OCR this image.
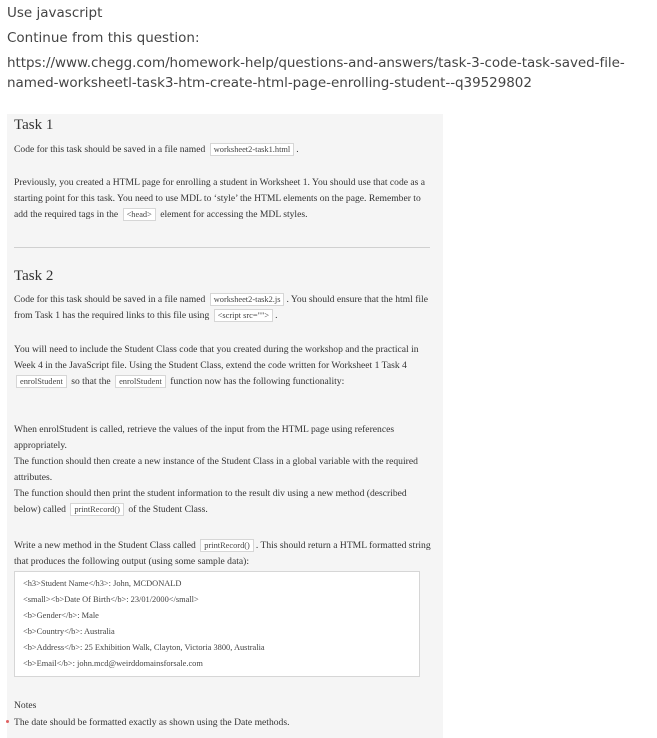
Use javascript

Continue from this question:

https://www.chegg.com/homework-help/questions-and-answers/task-3-code-task-saved-file-named-worksheetl-task3-htm-create-html-page-enrolling-student--q39529802

Task 1

Code for this task should be saved in a file named worksheet2-task1.html .

Previously, you created a HTML page for enrolling a student in Worksheet 1. You should use that code as a starting point for this task. You need to use MDL to ‘style’ the HTML elements on the page. Remember to add the required tags in the <head> element for accessing the MDL styles.

Task 2

Code for this task should be saved in a file named worksheet2-task2.js . You should ensure that the html file from Task 1 has the required links to this file using <script src=""> .

You will need to include the Student Class code that you created during the workshop and the practical in Week 4 in the JavaScript file. Using the Student Class, extend the code written for Worksheet 1 Task 4 enrolStudent so that the enrolStudent function now has the following functionality:

When enrolStudent is called, retrieve the values of the input from the HTML page using references appropriately.

The function should then create a new instance of the Student Class in a global variable with the required attributes.

The function should then print the student information to the result div using a new method (described below) called printRecord() of the Student Class.

Write a new method in the Student Class called printRecord() . This should return a HTML formatted string that produces the following output (using some sample data):

<h3>Student Name</h3>: John, MCDONALD
<small><b>Date Of Birth</b>: 23/01/2000</small>
<b>Gender</b>: Male
<b>Country</b>: Australia
<b>Address</b>: 25 Exhibition Walk, Clayton, Victoria 3800, Australia
<b>Email</b>: john.mcd@weirddomainsforsale.com

Notes

The date should be formatted exactly as shown using the Date methods.
